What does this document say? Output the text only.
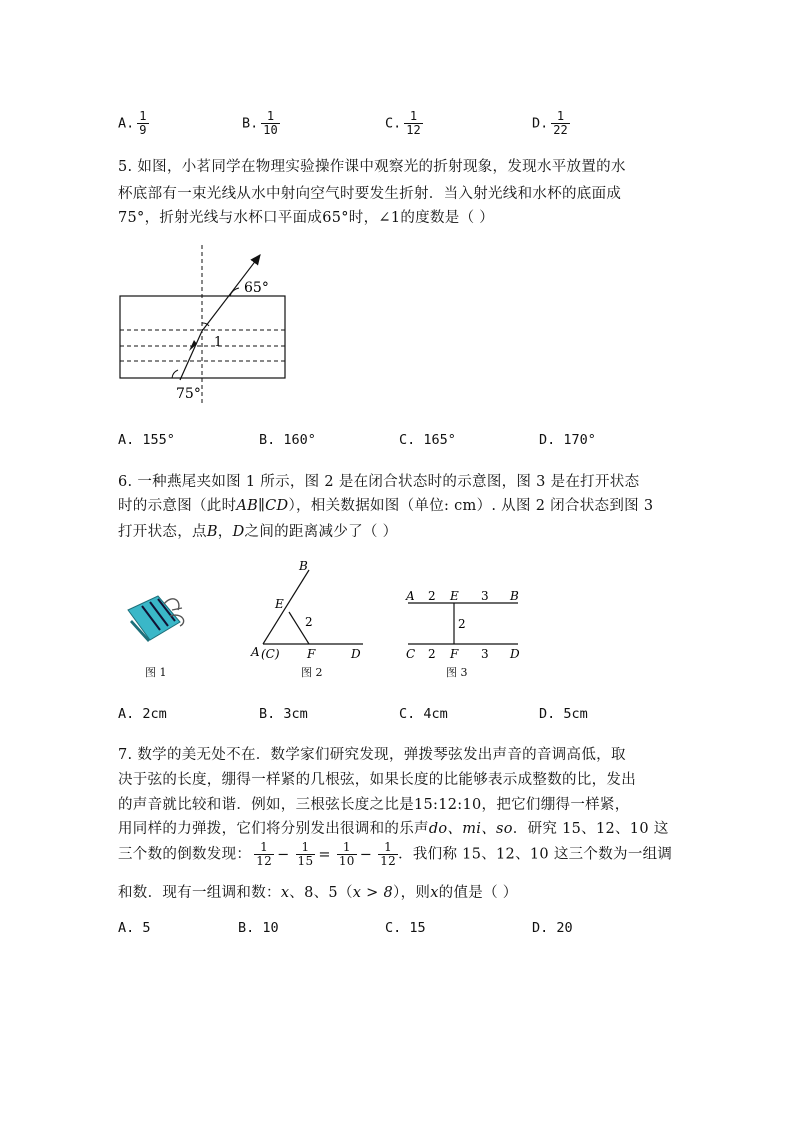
A. $\frac{1}{9}$	B. $\frac{1}{10}$	C. $\frac{1}{12}$	D. $\frac{1}{22}$
5. 如图，小茗同学在物理实验操作课中观察光的折射现象，发现水平放置的水
杯底部有一束光线从水中射向空气时要发生折射．当入射光线和水杯的底面成
75°，折射光线与水杯口平面成65°时，∠1的度数是（ ）
65°
1
75°
A. 155°	B. 160°	C. 165°	D. 170°
6. 一种燕尾夹如图 1 所示，图 2 是在闭合状态时的示意图，图 3 是在打开状态
时的示意图（此时AB∥CD），相关数据如图（单位: cm）. 从图 2 闭合状态到图 3
打开状态，点B，D之间的距离减少了（ ）
B
E
2
A (C) F	D
A 2 E 3 B
2
C 2 F 3 D
图 1	图 2	图 3
A. 2cm	B. 3cm	C. 4cm	D. 5cm
7. 数学的美无处不在．数学家们研究发现，弹拨琴弦发出声音的音调高低，取
决于弦的长度，绷得一样紧的几根弦，如果长度的比能够表示成整数的比，发出
的声音就比较和谐．例如，三根弦长度之比是15:12:10，把它们绷得一样紧，
用同样的力弹拨，它们将分别发出很调和的乐声do、mi、so．研究 15、12、10 这
三个数的倒数发现： $\frac{1}{12} - \frac{1}{15} = \frac{1}{10} - \frac{1}{12}$ ．我们称 15、12、10 这三个数为一组调
和数．现有一组调和数：x、8、5（x > 8），则x的值是（ ）
A. 5	B. 10	C. 15	D. 20
